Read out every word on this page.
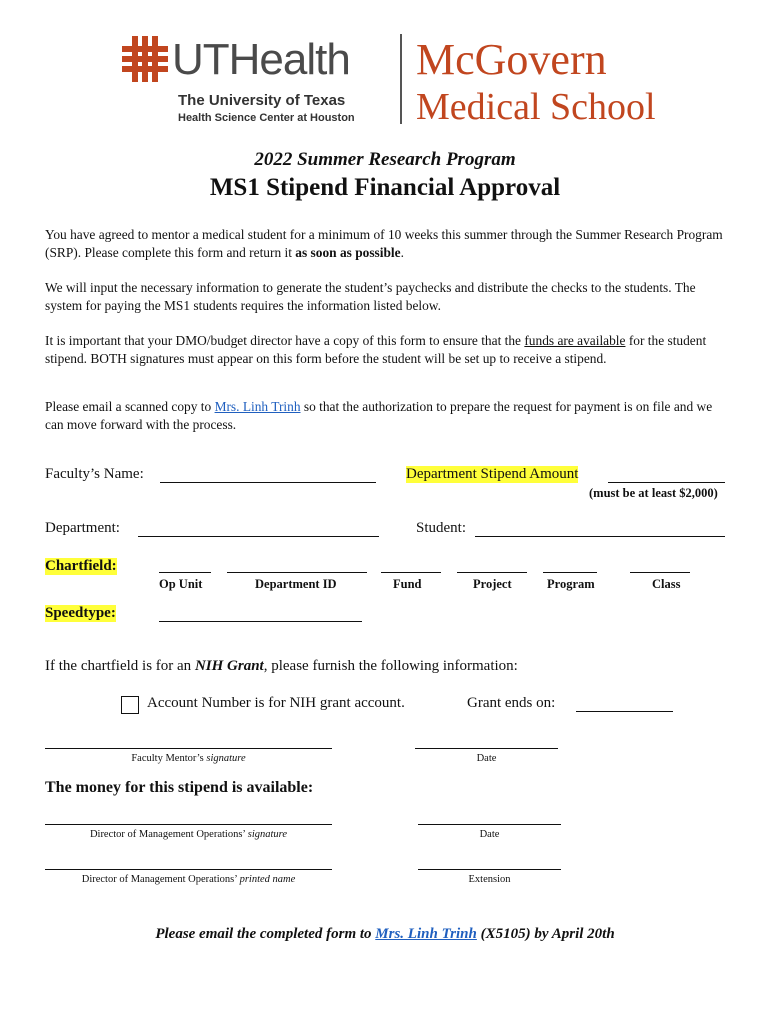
UTHealth
The University of Texas
Health Science Center at Houston
McGovern
Medical School
2022 Summer Research Program
MS1 Stipend Financial Approval
You have agreed to mentor a medical student for a minimum of 10 weeks this summer through the Summer Research Program (SRP). Please complete this form and return it as soon as possible.
We will input the necessary information to generate the student’s paychecks and distribute the checks to the students. The system for paying the MS1 students requires the information listed below.
It is important that your DMO/budget director have a copy of this form to ensure that the funds are available for the student stipend. BOTH signatures must appear on this form before the student will be set up to receive a stipend.
Please email a scanned copy to Mrs. Linh Trinh so that the authorization to prepare the request for payment is on file and we can move forward with the process.
Faculty’s Name:	Department Stipend Amount
(must be at least $2,000)
Department:	Student:
Chartfield:
Op Unit	Department ID	Fund	Project	Program	Class
Speedtype:
If the chartfield is for an NIH Grant, please furnish the following information:
Account Number is for NIH grant account.	Grant ends on:
Faculty Mentor’s signature	Date
The money for this stipend is available:
Director of Management Operations’ signature	Date
Director of Management Operations’ printed name	Extension
Please email the completed form to Mrs. Linh Trinh (X5105) by April 20th
